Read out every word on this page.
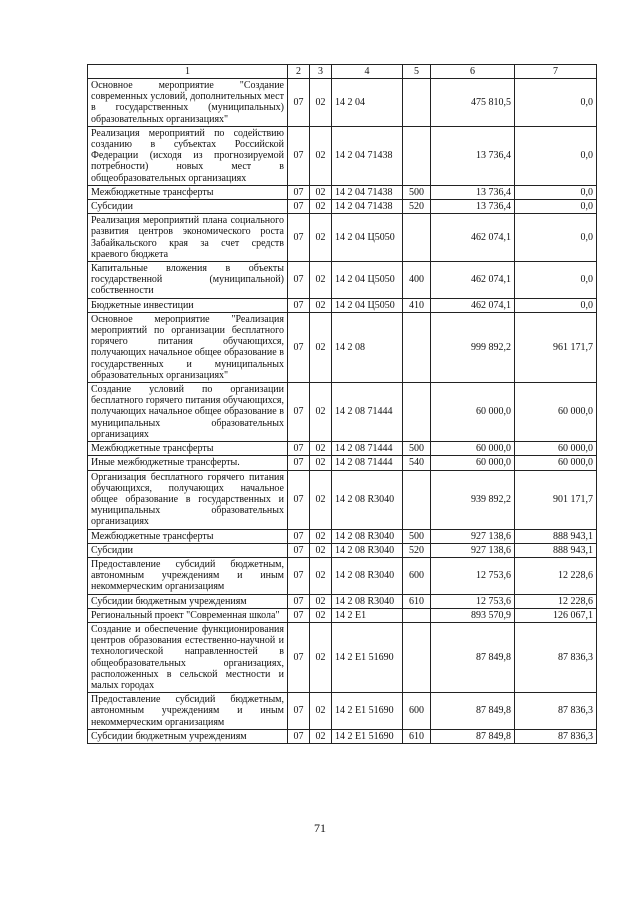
1	2	3	4	5	6	7
Основное мероприятие "Создание современных условий, дополнительных мест в государственных (муниципальных) образовательных организациях"	07	02	14 2 04		475 810,5	0,0
Реализация мероприятий по содействию созданию в субъектах Российской Федерации (исходя из прогнозируемой потребности) новых мест в общеобразовательных организациях	07	02	14 2 04 71438		13 736,4	0,0
Межбюджетные трансферты	07	02	14 2 04 71438	500	13 736,4	0,0
Субсидии	07	02	14 2 04 71438	520	13 736,4	0,0
Реализация мероприятий плана социального развития центров экономического роста Забайкальского края за счет средств краевого бюджета	07	02	14 2 04 Ц5050		462 074,1	0,0
Капитальные вложения в объекты государственной (муниципальной) собственности	07	02	14 2 04 Ц5050	400	462 074,1	0,0
Бюджетные инвестиции	07	02	14 2 04 Ц5050	410	462 074,1	0,0
Основное мероприятие "Реализация мероприятий по организации бесплатного горячего питания обучающихся, получающих начальное общее образование в государственных и муниципальных образовательных организациях"	07	02	14 2 08		999 892,2	961 171,7
Создание условий по организации бесплатного горячего питания обучающихся, получающих начальное общее образование в муниципальных образовательных организациях	07	02	14 2 08 71444		60 000,0	60 000,0
Межбюджетные трансферты	07	02	14 2 08 71444	500	60 000,0	60 000,0
Иные межбюджетные трансферты.	07	02	14 2 08 71444	540	60 000,0	60 000,0
Организация бесплатного горячего питания обучающихся, получающих начальное общее образование в государственных и муниципальных образовательных организациях	07	02	14 2 08 R3040		939 892,2	901 171,7
Межбюджетные трансферты	07	02	14 2 08 R3040	500	927 138,6	888 943,1
Субсидии	07	02	14 2 08 R3040	520	927 138,6	888 943,1
Предоставление субсидий бюджетным, автономным учреждениям и иным некоммерческим организациям	07	02	14 2 08 R3040	600	12 753,6	12 228,6
Субсидии бюджетным учреждениям	07	02	14 2 08 R3040	610	12 753,6	12 228,6
Региональный проект "Современная школа"	07	02	14 2 E1		893 570,9	126 067,1
Создание и обеспечение функционирования центров образования естественно-научной и технологической направленностей в общеобразовательных организациях, расположенных в сельской местности и малых городах	07	02	14 2 E1 51690		87 849,8	87 836,3
Предоставление субсидий бюджетным, автономным учреждениям и иным некоммерческим организациям	07	02	14 2 E1 51690	600	87 849,8	87 836,3
Субсидии бюджетным учреждениям	07	02	14 2 E1 51690	610	87 849,8	87 836,3
71
